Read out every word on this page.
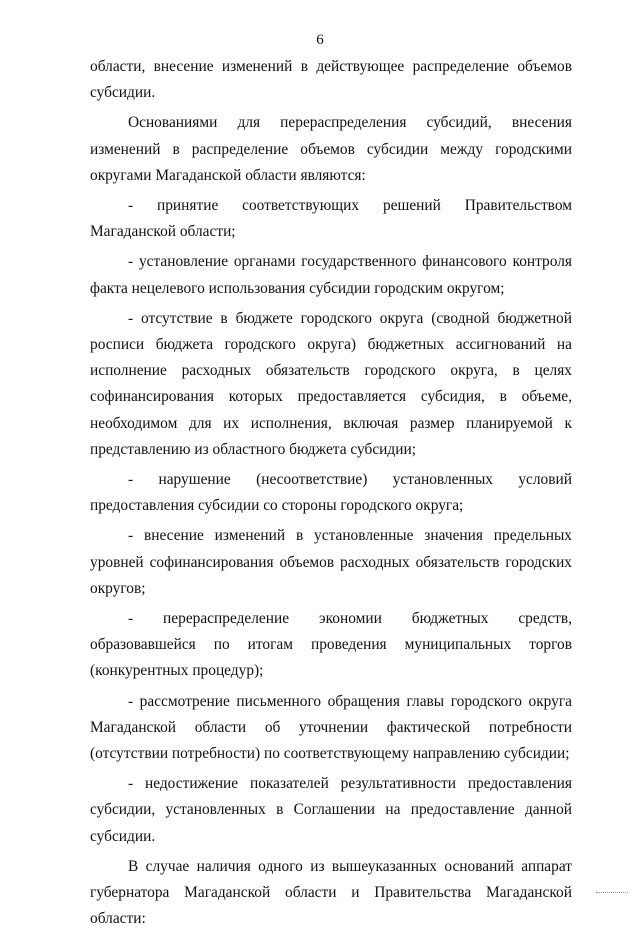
6

области, внесение изменений в действующее распределение объемов субсидии.

Основаниями для перераспределения субсидий, внесения изменений в распределение объемов субсидии между городскими округами Магаданской области являются:

- принятие соответствующих решений Правительством Магаданской области;

- установление органами государственного финансового контроля факта нецелевого использования субсидии городским округом;

- отсутствие в бюджете городского округа (сводной бюджетной росписи бюджета городского округа) бюджетных ассигнований на исполнение расходных обязательств городского округа, в целях софинансирования которых предоставляется субсидия, в объеме, необходимом для их исполнения, включая размер планируемой к представлению из областного бюджета субсидии;

- нарушение (несоответствие) установленных условий предоставления субсидии со стороны городского округа;

- внесение изменений в установленные значения предельных уровней софинансирования объемов расходных обязательств городских округов;

- перераспределение экономии бюджетных средств, образовавшейся по итогам проведения муниципальных торгов (конкурентных процедур);

- рассмотрение письменного обращения главы городского округа Магаданской области об уточнении фактической потребности (отсутствии потребности) по соответствующему направлению субсидии;

- недостижение показателей результативности предоставления субсидии, установленных в Соглашении на предоставление данной субсидии.

В случае наличия одного из вышеуказанных оснований аппарат губернатора Магаданской области и Правительства Магаданской области:
